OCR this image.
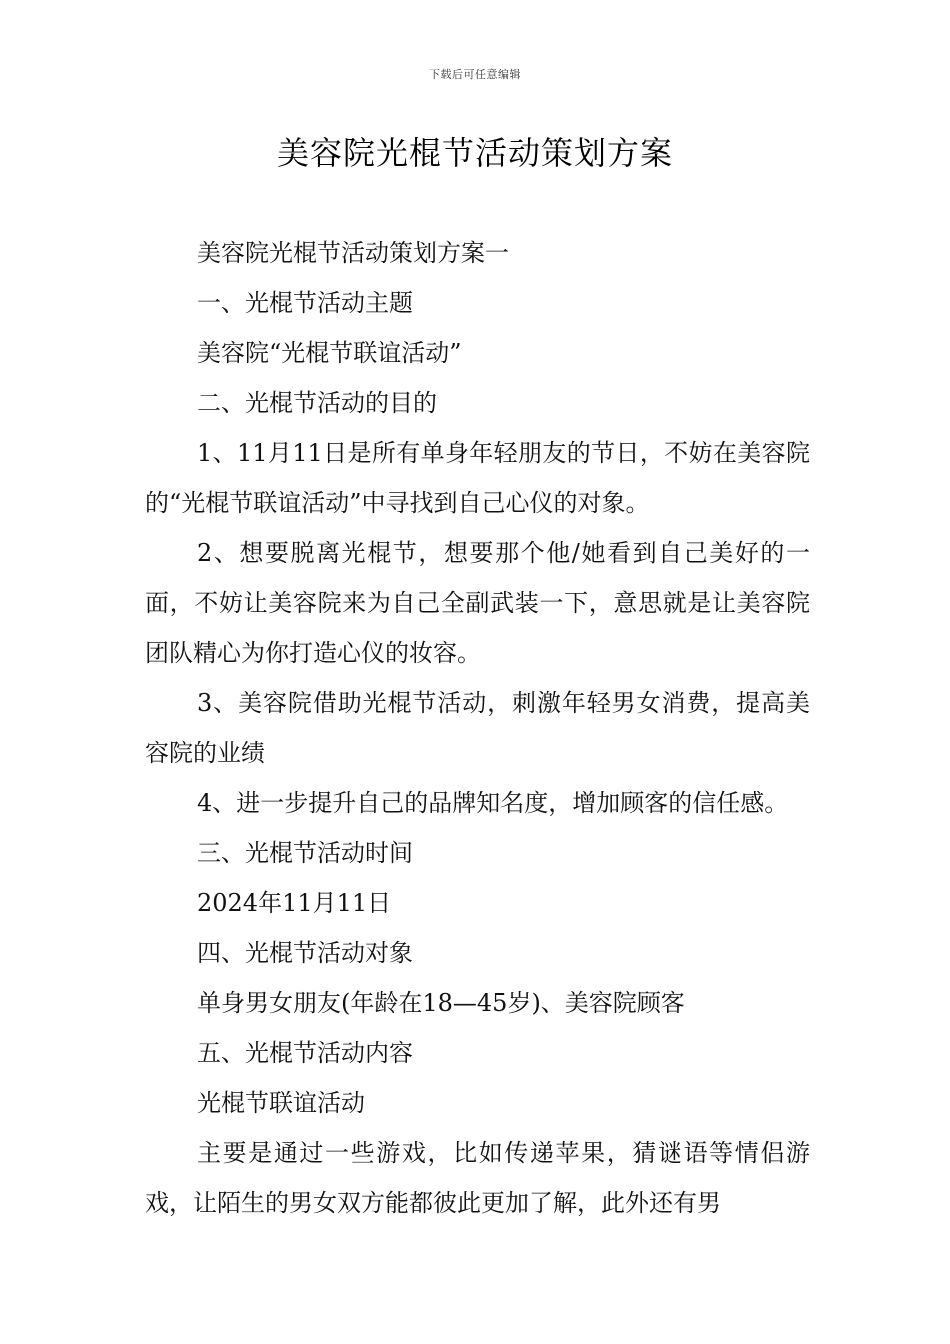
下载后可任意编辑
美容院光棍节活动策划方案

美容院光棍节活动策划方案一

一、光棍节活动主题

美容院“光棍节联谊活动”

二、光棍节活动的目的

1、11月11日是所有单身年轻朋友的节日，不妨在美容院的“光棍节联谊活动”中寻找到自己心仪的对象。

2、想要脱离光棍节，想要那个他/她看到自己美好的一面，不妨让美容院来为自己全副武装一下，意思就是让美容院团队精心为你打造心仪的妆容。

3、美容院借助光棍节活动，刺激年轻男女消费，提高美容院的业绩

4、进一步提升自己的品牌知名度，增加顾客的信任感。

三、光棍节活动时间

2024年11月11日

四、光棍节活动对象

单身男女朋友(年龄在18—45岁)、美容院顾客

五、光棍节活动内容

光棍节联谊活动

主要是通过一些游戏，比如传递苹果，猜谜语等情侣游戏，让陌生的男女双方能都彼此更加了解，此外还有男
